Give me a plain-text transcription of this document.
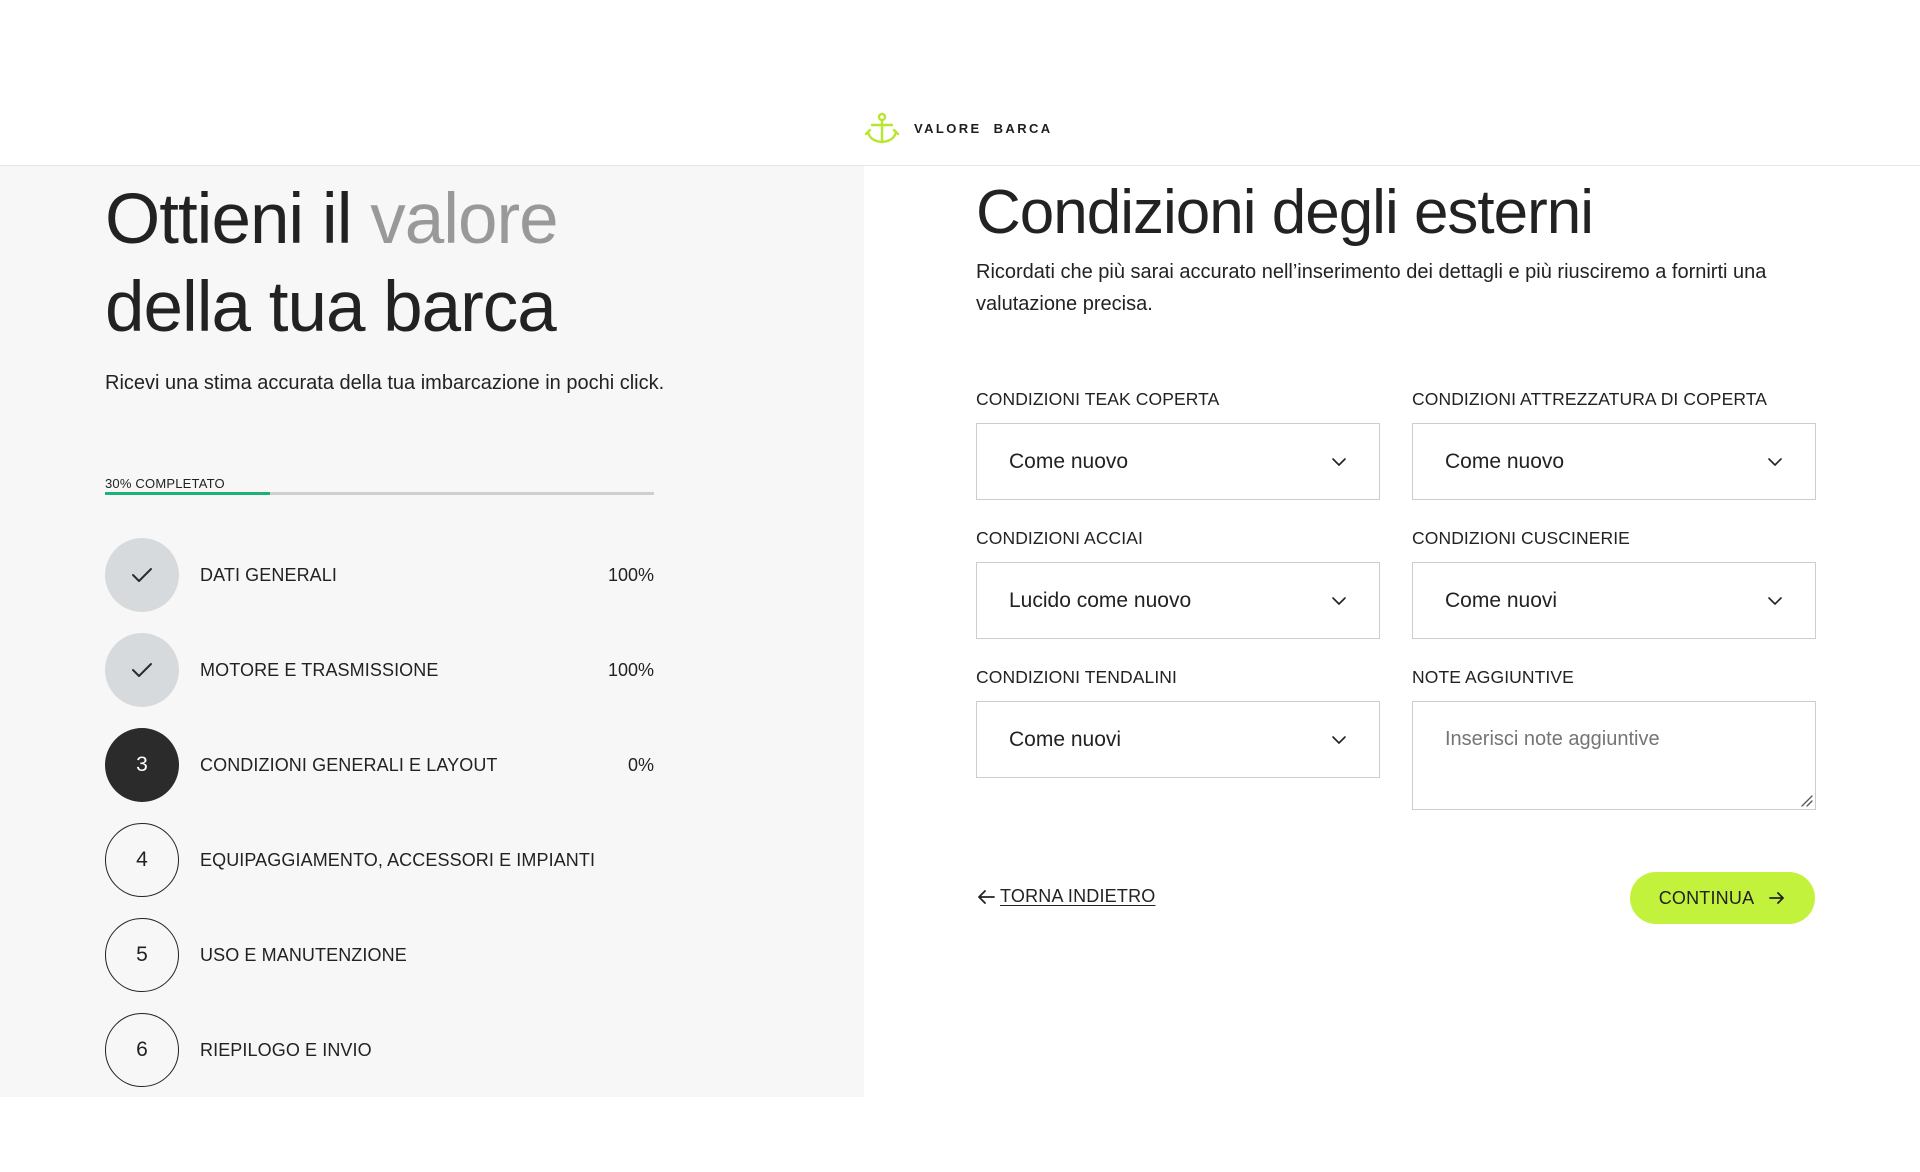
VALORE BARCA
Ottieni il valore
della tua barca

Ricevi una stima accurata della tua imbarcazione in pochi click.

30% COMPLETATO
DATI GENERALI	100%
MOTORE E TRASMISSIONE	100%
3	CONDIZIONI GENERALI E LAYOUT	0%
4	EQUIPAGGIAMENTO, ACCESSORI E IMPIANTI
5	USO E MANUTENZIONE
6	RIEPILOGO E INVIO
Condizioni degli esterni

Ricordati che più sarai accurato nell’inserimento dei dettagli e più riusciremo a fornirti una valutazione precisa.

CONDIZIONI TEAK COPERTA
Come nuovo
CONDIZIONI ATTREZZATURA DI COPERTA
Come nuovo
CONDIZIONI ACCIAI
Lucido come nuovo
CONDIZIONI CUSCINERIE
Come nuovi
CONDIZIONI TENDALINI
Come nuovi
NOTE AGGIUNTIVE
Inserisci note aggiuntive
TORNA INDIETRO	CONTINUA
